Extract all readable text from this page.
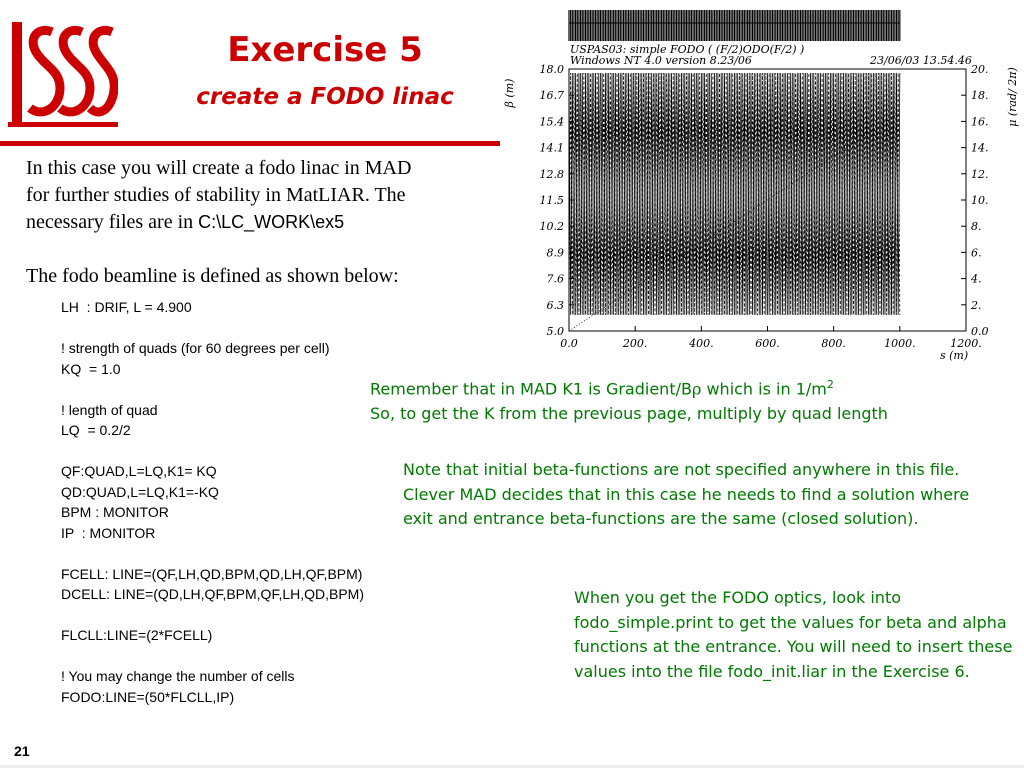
Exercise 5
create a FODO linac
In this case you will create a fodo linac in MAD
for further studies of stability in MatLIAR. The
necessary files are in C:\LC_WORK\ex5
The fodo beamline is defined as shown below:
LH  : DRIF, L = 4.900
! strength of quads (for 60 degrees per cell)
KQ  = 1.0
! length of quad
LQ  = 0.2/2
QF:QUAD,L=LQ,K1= KQ
QD:QUAD,L=LQ,K1=-KQ
BPM : MONITOR
IP  : MONITOR
FCELL: LINE=(QF,LH,QD,BPM,QD,LH,QF,BPM)
DCELL: LINE=(QD,LH,QF,BPM,QF,LH,QD,BPM)
FLCLL:LINE=(2*FCELL)
! You may change the number of cells
FODO:LINE=(50*FLCLL,IP)
USPAS03: simple FODO ( (F/2)ODO(F/2) )
Windows NT 4.0 version 8.23/06	23/06/03 13.54.46
0.0	200.	400.	600.	800.	1000.	1200.
5.0
6.3
7.6
8.9
10.2
11.5
12.8
14.1
15.4
16.7
18.0
0.0
2.
4.
6.
8.
10.
12.
14.
16.
18.
20.
β (m)	μ (rad/ 2π)
s (m)
Remember that in MAD K1 is Gradient/Bρ which is in $1/m^2$
So, to get the K from the previous page, multiply by quad length
Note that initial beta-functions are not specified anywhere in this file. Clever MAD decides that in this case he needs to find a solution where exit and entrance beta-functions are the same (closed solution).
When you get the FODO optics, look into fodo_simple.print to get the values for beta and alpha functions at the entrance. You will need to insert these values into the file fodo_init.liar in the Exercise 6.
21
